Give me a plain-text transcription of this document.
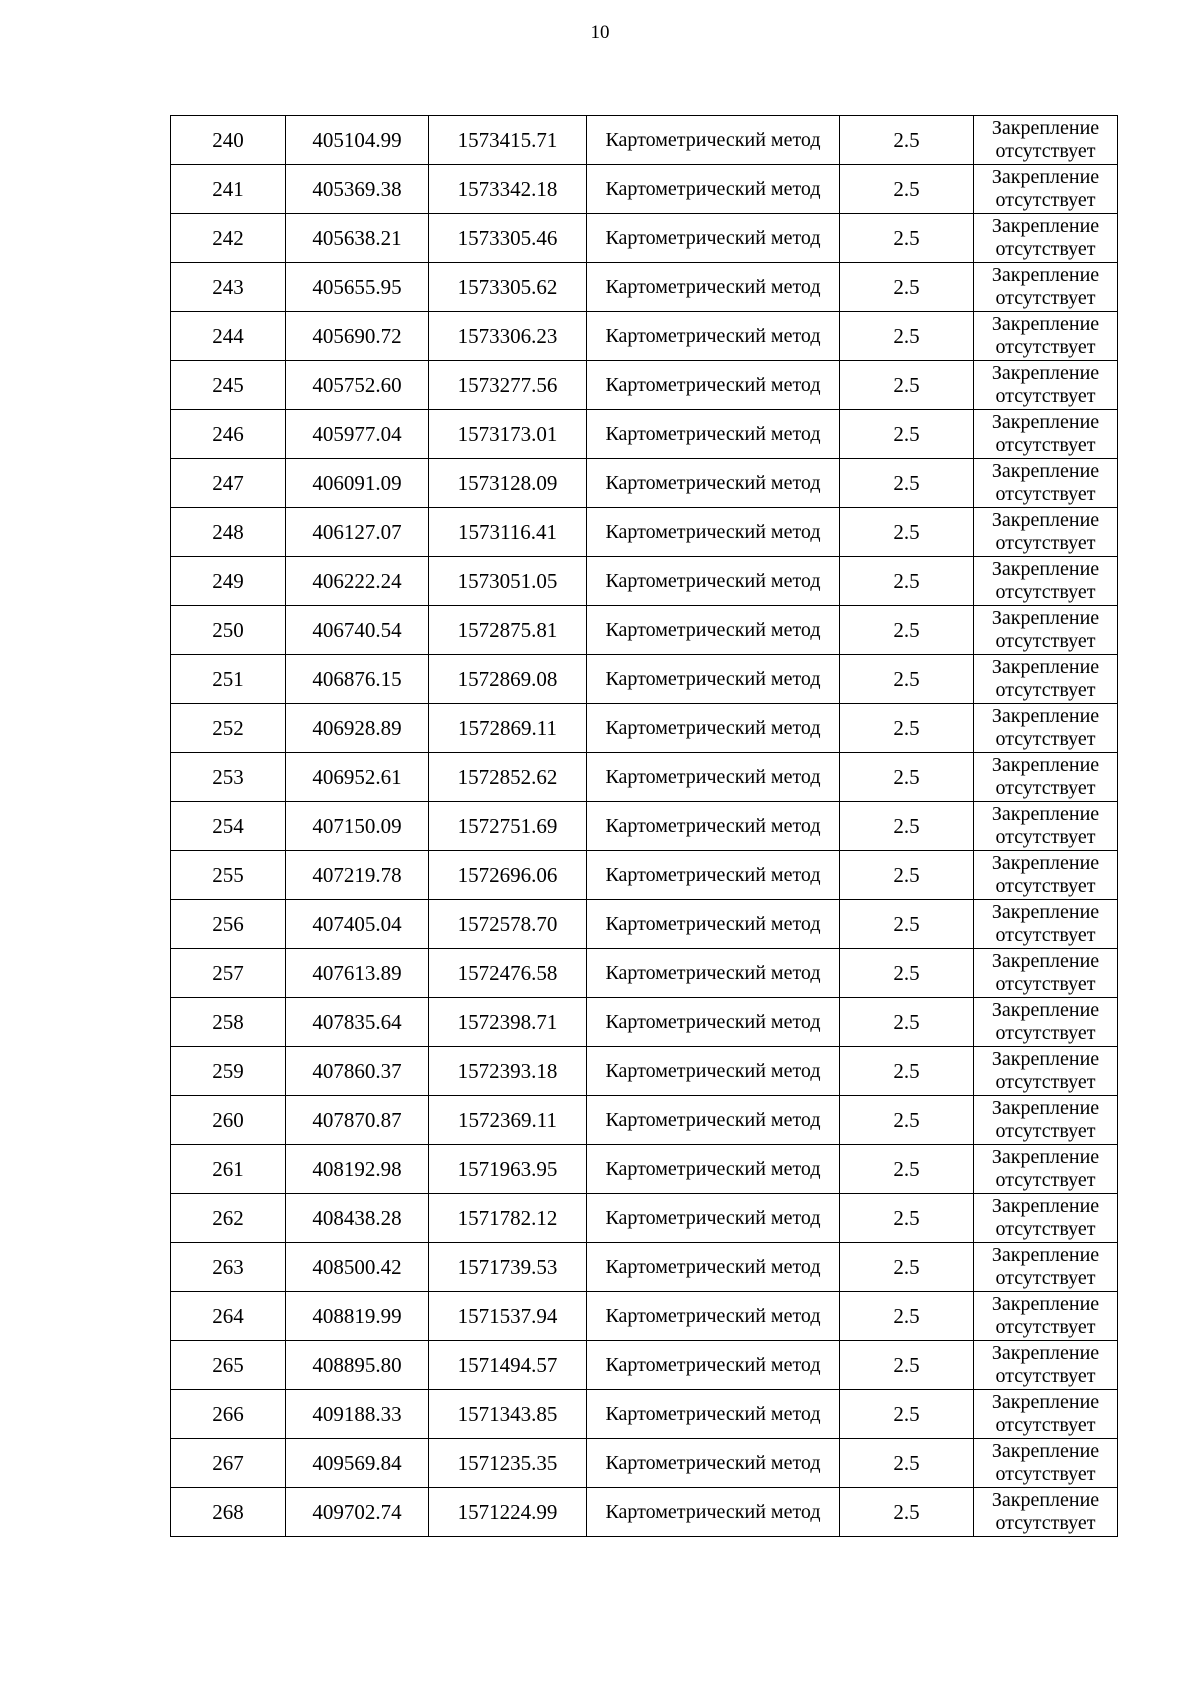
10
240	405104.99	1573415.71	Картометрический метод	2.5	Закрепление
отсутствует

241	405369.38	1573342.18	Картометрический метод	2.5	Закрепление
отсутствует

242	405638.21	1573305.46	Картометрический метод	2.5	Закрепление
отсутствует

243	405655.95	1573305.62	Картометрический метод	2.5	Закрепление
отсутствует

244	405690.72	1573306.23	Картометрический метод	2.5	Закрепление
отсутствует

245	405752.60	1573277.56	Картометрический метод	2.5	Закрепление
отсутствует

246	405977.04	1573173.01	Картометрический метод	2.5	Закрепление
отсутствует

247	406091.09	1573128.09	Картометрический метод	2.5	Закрепление
отсутствует

248	406127.07	1573116.41	Картометрический метод	2.5	Закрепление
отсутствует

249	406222.24	1573051.05	Картометрический метод	2.5	Закрепление
отсутствует

250	406740.54	1572875.81	Картометрический метод	2.5	Закрепление
отсутствует

251	406876.15	1572869.08	Картометрический метод	2.5	Закрепление
отсутствует

252	406928.89	1572869.11	Картометрический метод	2.5	Закрепление
отсутствует

253	406952.61	1572852.62	Картометрический метод	2.5	Закрепление
отсутствует

254	407150.09	1572751.69	Картометрический метод	2.5	Закрепление
отсутствует

255	407219.78	1572696.06	Картометрический метод	2.5	Закрепление
отсутствует

256	407405.04	1572578.70	Картометрический метод	2.5	Закрепление
отсутствует

257	407613.89	1572476.58	Картометрический метод	2.5	Закрепление
отсутствует

258	407835.64	1572398.71	Картометрический метод	2.5	Закрепление
отсутствует

259	407860.37	1572393.18	Картометрический метод	2.5	Закрепление
отсутствует

260	407870.87	1572369.11	Картометрический метод	2.5	Закрепление
отсутствует

261	408192.98	1571963.95	Картометрический метод	2.5	Закрепление
отсутствует

262	408438.28	1571782.12	Картометрический метод	2.5	Закрепление
отсутствует

263	408500.42	1571739.53	Картометрический метод	2.5	Закрепление
отсутствует

264	408819.99	1571537.94	Картометрический метод	2.5	Закрепление
отсутствует

265	408895.80	1571494.57	Картометрический метод	2.5	Закрепление
отсутствует

266	409188.33	1571343.85	Картометрический метод	2.5	Закрепление
отсутствует

267	409569.84	1571235.35	Картометрический метод	2.5	Закрепление
отсутствует

268	409702.74	1571224.99	Картометрический метод	2.5	Закрепление
отсутствует
